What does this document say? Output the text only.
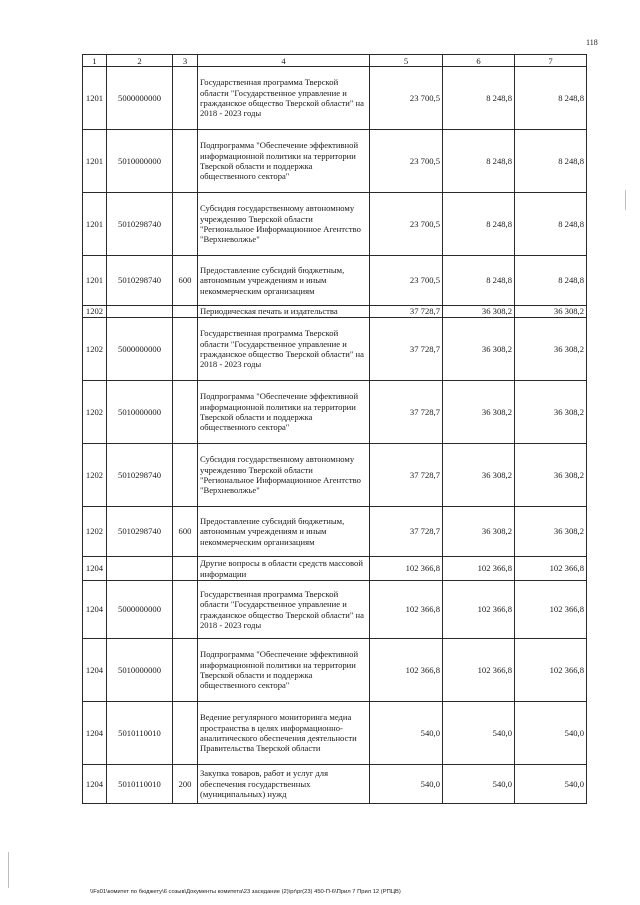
118
1	2	3	4	5	6	7
1201	5000000000		Государственная программа Тверской области "Государственное управление и гражданское общество Тверской области" на 2018 - 2023 годы	23 700,5	8 248,8	8 248,8
1201	5010000000		Подпрограмма "Обеспечение эффективной информационной политики на территории Тверской области и поддержка общественного сектора"	23 700,5	8 248,8	8 248,8
1201	5010298740		Субсидия государственному автономному учреждению Тверской области "Региональное Информационное Агентство "Верхневолжье"	23 700,5	8 248,8	8 248,8
1201	5010298740	600	Предоставление субсидий бюджетным, автономным учреждениям и иным некоммерческим организациям	23 700,5	8 248,8	8 248,8
1202			Периодическая печать и издательства	37 728,7	36 308,2	36 308,2
1202	5000000000		Государственная программа Тверской области "Государственное управление и гражданское общество Тверской области" на 2018 - 2023 годы	37 728,7	36 308,2	36 308,2
1202	5010000000		Подпрограмма "Обеспечение эффективной информационной политики на территории Тверской области и поддержка общественного сектора"	37 728,7	36 308,2	36 308,2
1202	5010298740		Субсидия государственному автономному учреждению Тверской области "Региональное Информационное Агентство "Верхневолжье"	37 728,7	36 308,2	36 308,2
1202	5010298740	600	Предоставление субсидий бюджетным, автономным учреждениям и иным некоммерческим организациям	37 728,7	36 308,2	36 308,2
1204			Другие вопросы в области средств массовой информации	102 366,8	102 366,8	102 366,8
1204	5000000000		Государственная программа Тверской области "Государственное управление и гражданское общество Тверской области" на 2018 - 2023 годы	102 366,8	102 366,8	102 366,8
1204	5010000000		Подпрограмма "Обеспечение эффективной информационной политики на территории Тверской области и поддержка общественного сектора"	102 366,8	102 366,8	102 366,8
1204	5010110010		Ведение регулярного мониторинга медиа пространства в целях информационно-аналитического обеспечения деятельности Правительства Тверской области	540,0	540,0	540,0
1204	5010110010	200	Закупка товаров, работ и услуг для обеспечения государственных (муниципальных) нужд	540,0	540,0	540,0
\\Fs01\комитет по бюджету\6 созыв\Документы комитета\23 заседание (2)\pr\pr(23) 450-П-6\Прил 7 Прил 12 (РПЦВ)
